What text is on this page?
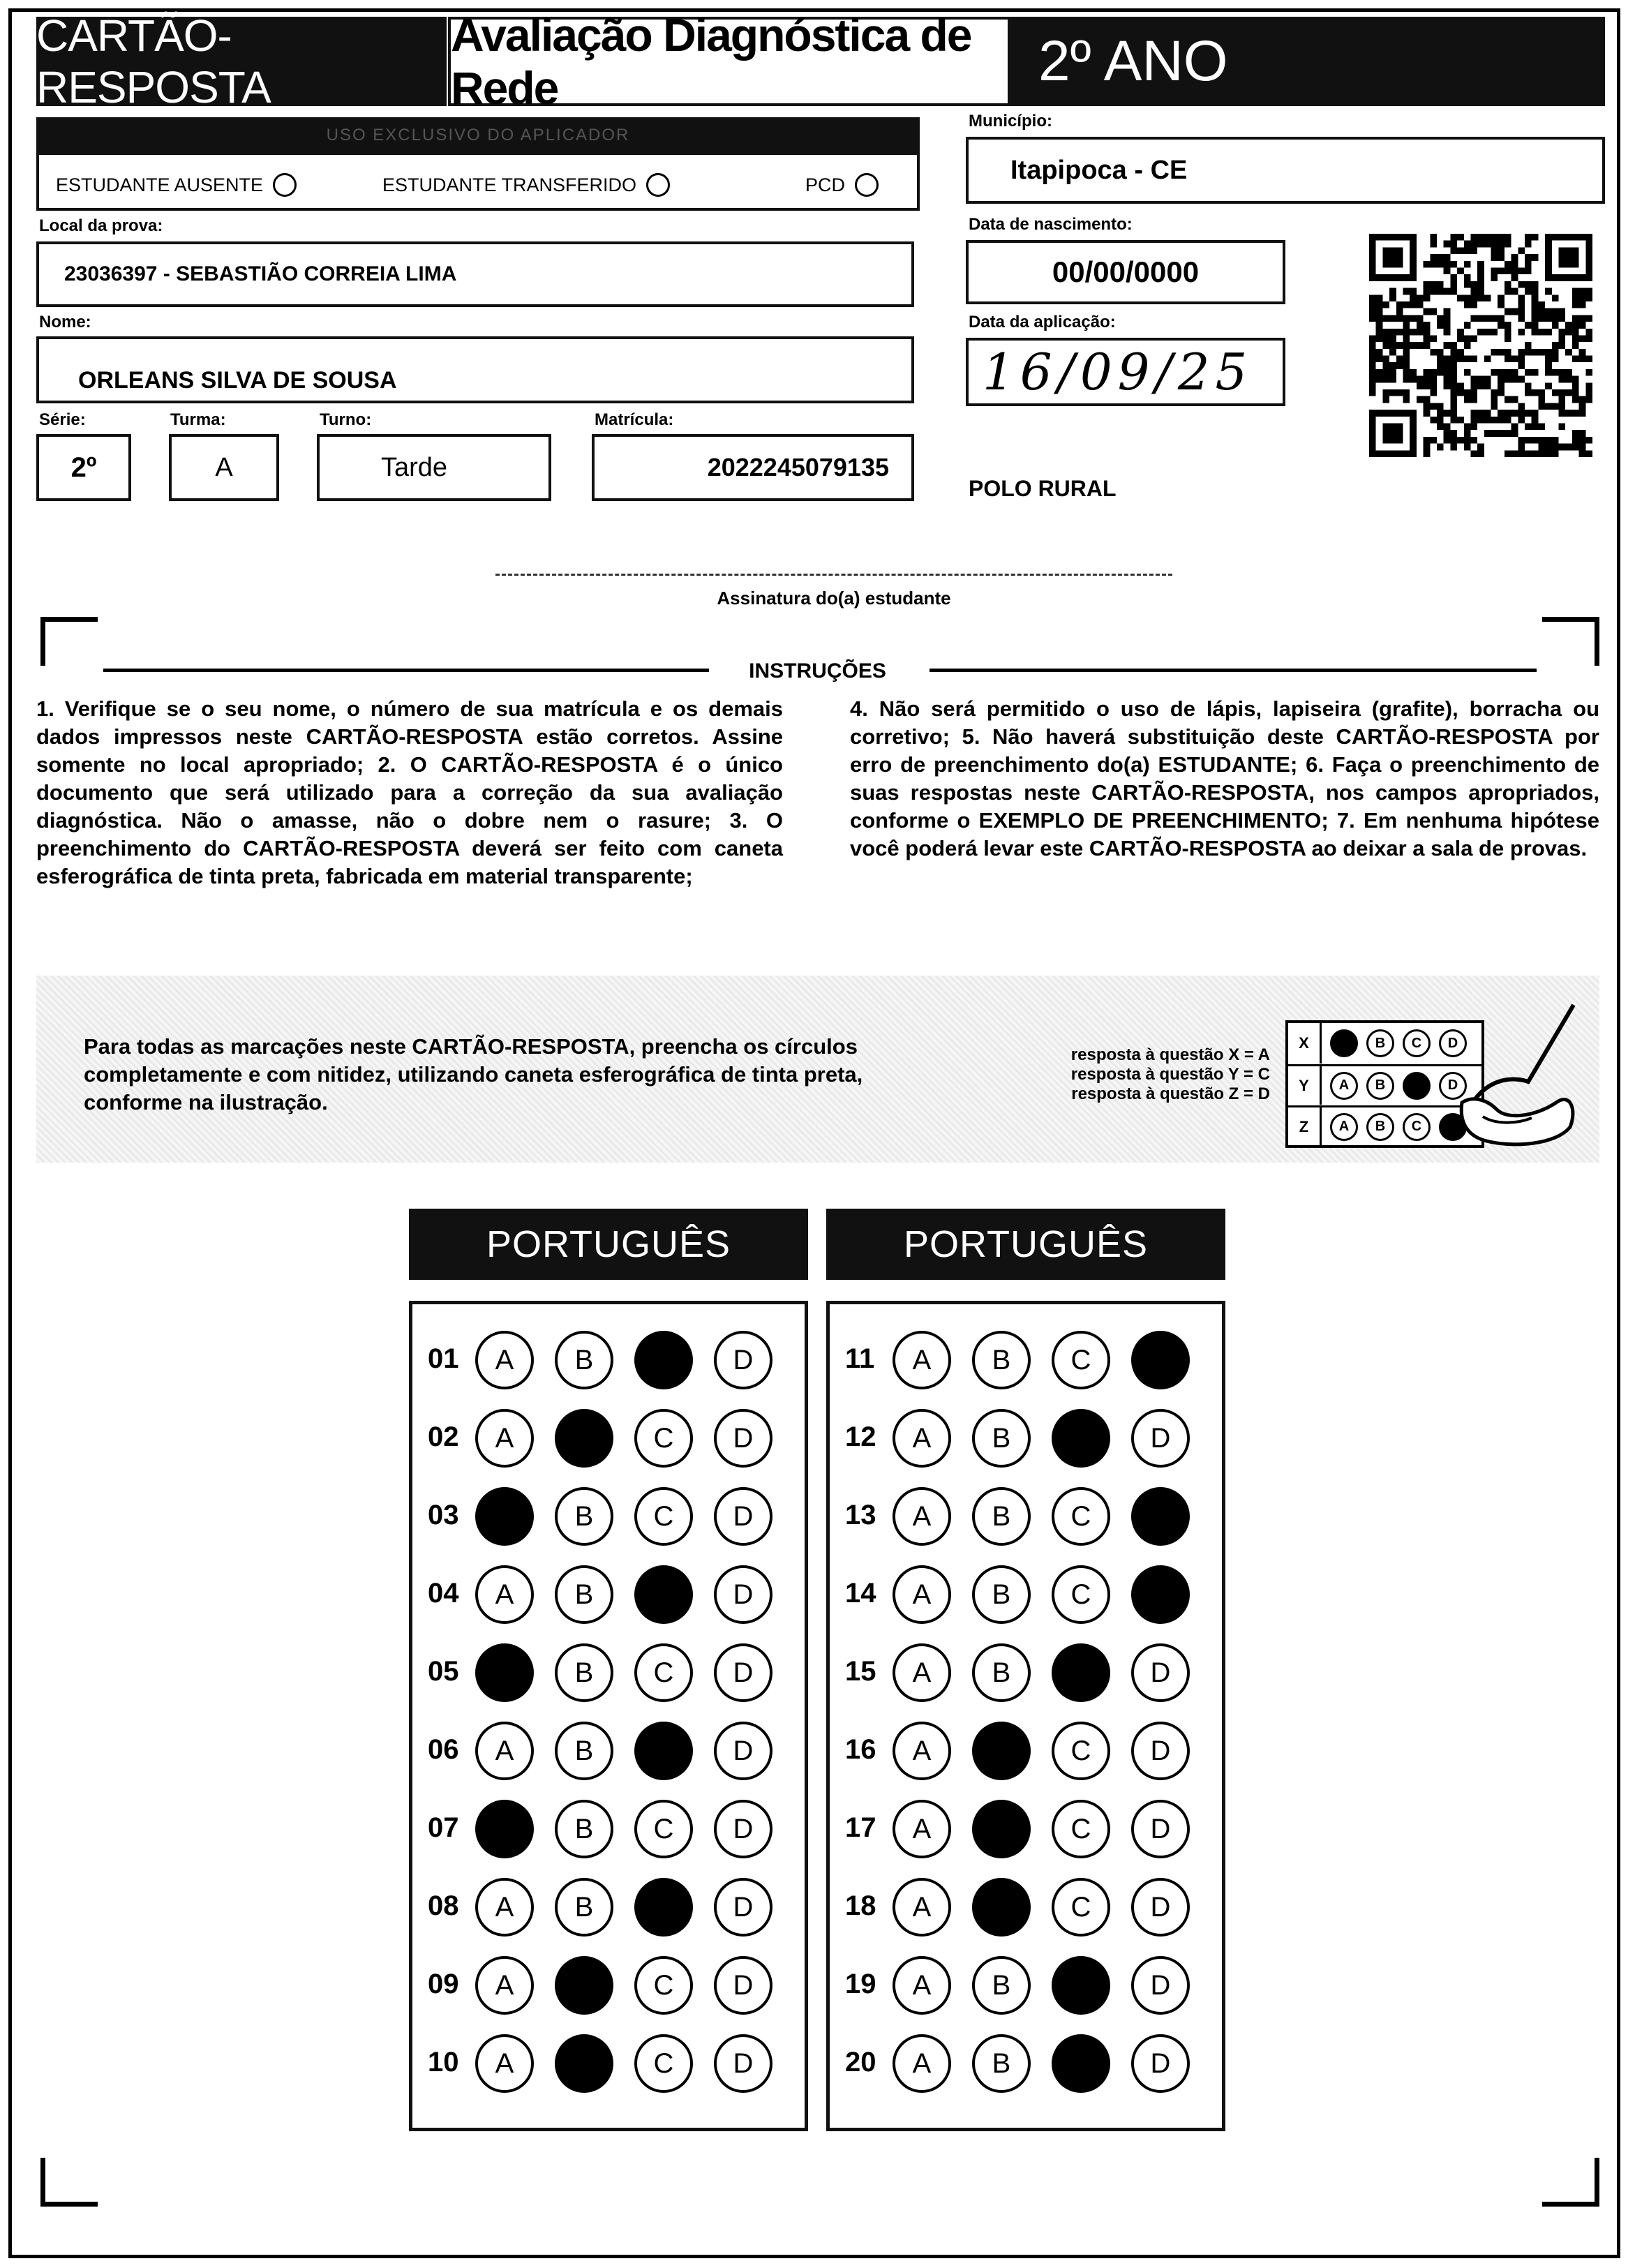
CARTÃO-RESPOSTA
Avaliação Diagnóstica de Rede	2º ANO
USO EXCLUSIVO DO APLICADOR
ESTUDANTE AUSENTE	ESTUDANTE TRANSFERIDO	PCD
Local da prova:
23036397 - SEBASTIÃO CORREIA LIMA
Nome:
ORLEANS SILVA DE SOUSA
Série:
2º
Turma:
A
Turno:
Tarde
Matrícula:
2022245079135
Município:
Itapipoca - CE
Data de nascimento:
00/00/0000
Data da aplicação:
16/09/25
POLO RURAL
Assinatura do(a) estudante
INSTRUÇÕES
1. Verifique se o seu nome, o número de sua matrícula e os demais dados impressos neste CARTÃO-RESPOSTA estão corretos. Assine somente no local apropriado; 2. O CARTÃO-RESPOSTA é o único documento que será utilizado para a correção da sua avaliação diagnóstica. Não o amasse, não o dobre nem o rasure; 3. O preenchimento do CARTÃO-RESPOSTA deverá ser feito com caneta esferográfica de tinta preta, fabricada em material transparente;
4. Não será permitido o uso de lápis, lapiseira (grafite), borracha ou corretivo; 5. Não haverá substituição deste CARTÃO-RESPOSTA por erro de preenchimento do(a) ESTUDANTE; 6. Faça o preenchimento de suas respostas neste CARTÃO-RESPOSTA, nos campos apropriados, conforme o EXEMPLO DE PREENCHIMENTO; 7. Em nenhuma hipótese você poderá levar este CARTÃO-RESPOSTA ao deixar a sala de provas.
Para todas as marcações neste CARTÃO-RESPOSTA, preencha os círculos completamente e com nitidez, utilizando caneta esferográfica de tinta preta, conforme na ilustração.
resposta à questão X = A
resposta à questão Y = C
resposta à questão Z = D
X	A	B	C	D
Y	A	B	C	D
Z	A	B	C	D
PORTUGUÊS
01	A	B	C	D
02	A	B	C	D
03	A	B	C	D
04	A	B	C	D
05	A	B	C	D
06	A	B	C	D
07	A	B	C	D
08	A	B	C	D
09	A	B	C	D
10	A	B	C	D
PORTUGUÊS
11	A	B	C	D
12	A	B	C	D
13	A	B	C	D
14	A	B	C	D
15	A	B	C	D
16	A	B	C	D
17	A	B	C	D
18	A	B	C	D
19	A	B	C	D
20	A	B	C	D
